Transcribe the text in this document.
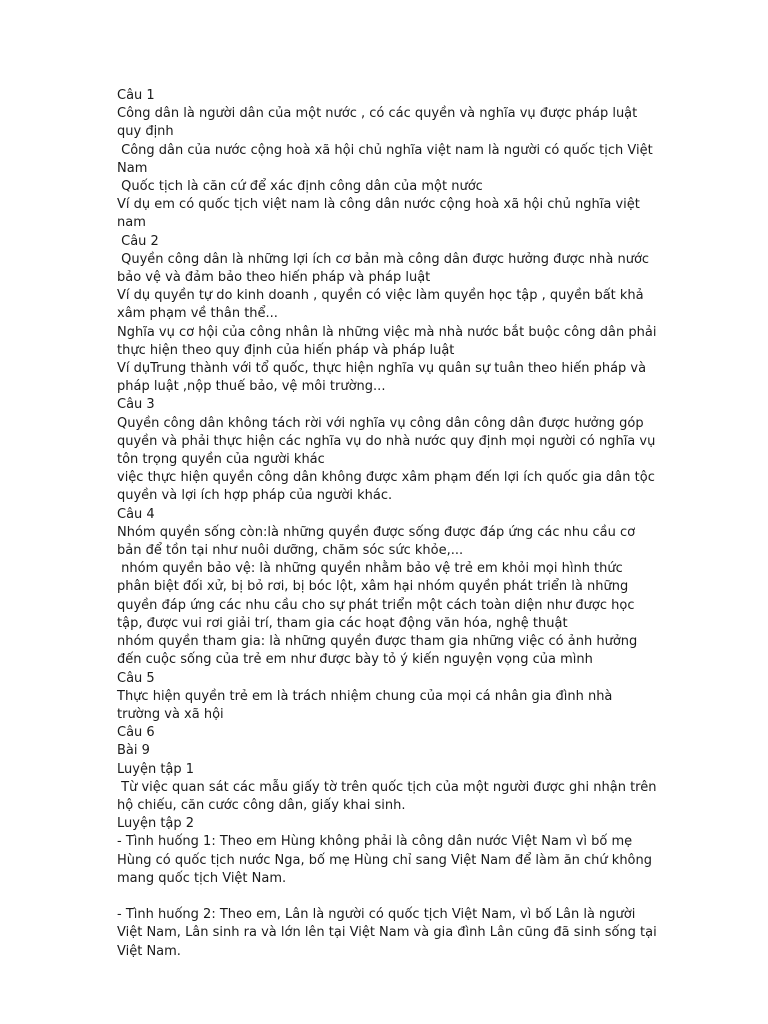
Câu 1

Công dân là người dân của một nước , có các quyền và nghĩa vụ được pháp luật quy định

Công dân của nước cộng hoà xã hội chủ nghĩa việt nam là người có quốc tịch Việt Nam

Quốc tịch là căn cứ để xác định công dân của một nước

Ví dụ em có quốc tịch việt nam là công dân nước cộng hoà xã hội chủ nghĩa việt nam

Câu 2

Quyền công dân là những lợi ích cơ bản mà công dân được hưởng được nhà nước bảo vệ và đảm bảo theo hiến pháp và pháp luật

Ví dụ quyền tự do kinh doanh , quyền có việc làm quyền học tập , quyền bất khả xâm phạm về thân thể...

Nghĩa vụ cơ hội của công nhân là những việc mà nhà nước bắt buộc công dân phải thực hiện theo quy định của hiến pháp và pháp luật

Ví dụTrung thành với tổ quốc, thực hiện nghĩa vụ quân sự tuân theo hiến pháp và pháp luật ,nộp thuế bảo, vệ môi trường...

Câu 3

Quyền công dân không tách rời với nghĩa vụ công dân công dân được hưởng góp quyền và phải thực hiện các nghĩa vụ do nhà nước quy định mọi người có nghĩa vụ tôn trọng quyền của người khác

việc thực hiện quyền công dân không được xâm phạm đến lợi ích quốc gia dân tộc quyền và lợi ích hợp pháp của người khác.

Câu 4

Nhóm quyền sống còn:là những quyền được sống được đáp ứng các nhu cầu cơ bản để tồn tại như nuôi dưỡng, chăm sóc sức khỏe,...

nhóm quyền bảo vệ: là những quyền nhằm bảo vệ trẻ em khỏi mọi hình thức phân biệt đối xử, bị bỏ rơi, bị bóc lột, xâm hại nhóm quyền phát triển là những quyền đáp ứng các nhu cầu cho sự phát triển một cách toàn diện như được học tập, được vui rơi giải trí, tham gia các hoạt động văn hóa, nghệ thuật

nhóm quyền tham gia: là những quyền được tham gia những việc có ảnh hưởng đến cuộc sống của trẻ em như được bày tỏ ý kiến nguyện vọng của mình

Câu 5

Thực hiện quyền trẻ em là trách nhiệm chung của mọi cá nhân gia đình nhà trường và xã hội

Câu 6

Bài 9

Luyện tập 1

Từ việc quan sát các mẫu giấy tờ trên quốc tịch của một người được ghi nhận trên hộ chiếu, căn cước công dân, giấy khai sinh.

Luyện tập 2

- Tình huống 1: Theo em Hùng không phải là công dân nước Việt Nam vì bố mẹ Hùng có quốc tịch nước Nga, bố mẹ Hùng chỉ sang Việt Nam để làm ăn chứ không mang quốc tịch Việt Nam.

- Tình huống 2: Theo em, Lân là người có quốc tịch Việt Nam, vì bố Lân là người Việt Nam, Lân sinh ra và lớn lên tại Việt Nam và gia đình Lân cũng đã sinh sống tại Việt Nam.
